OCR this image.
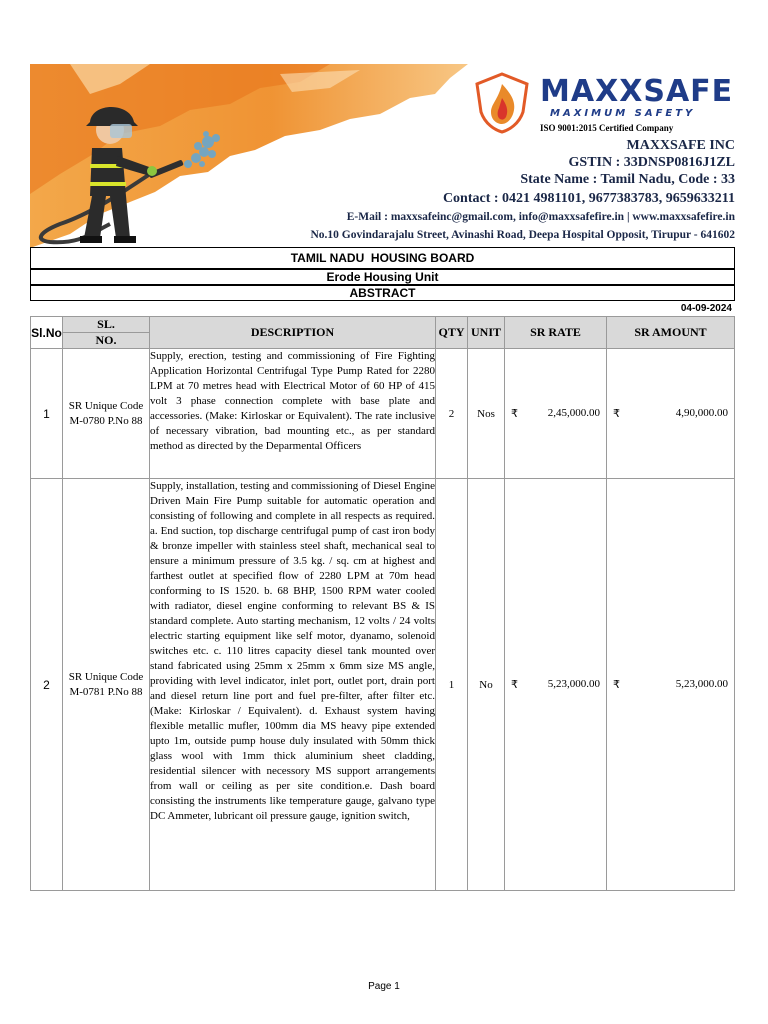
MAXXSAFE
MAXIMUM SAFETY
ISO 9001:2015 Certified Company
MAXXSAFE INC
GSTIN : 33DNSP0816J1ZL
State Name : Tamil Nadu, Code : 33
Contact : 0421 4981101, 9677383783, 9659633211
E-Mail : maxxsafeinc@gmail.com, info@maxxsafefire.in | www.maxxsafefire.in
No.10 Govindarajalu Street, Avinashi Road, Deepa Hospital Opposit, Tirupur - 641602
TAMIL NADU  HOUSING BOARD
Erode Housing Unit
ABSTRACT
04-09-2024
Sl.No	SL.	DESCRIPTION	QTY	UNIT	SR RATE	SR AMOUNT
	NO.					
1	SR Unique Code M-0780 P.No 88	Supply, erection, testing and commissioning of Fire Fighting Application Horizontal Centrifugal Type Pump Rated for 2280 LPM at 70 metres head with Electrical Motor of 60 HP of 415 volt 3 phase connection complete with base plate and accessories. (Make: Kirloskar or Equivalent). The rate inclusive of necessary vibration, bad mounting etc., as per standard method as directed by the Deparmental Officers	2	Nos	₹ 2,45,000.00	₹ 4,90,000.00

2	SR Unique Code M-0781 P.No 88	Supply, installation, testing and commissioning of Diesel Engine Driven Main Fire Pump suitable for automatic operation and consisting of following and complete in all respects as required. a. End suction, top discharge centrifugal pump of cast iron body & bronze impeller with stainless steel shaft, mechanical seal to ensure a minimum pressure of 3.5 kg. / sq. cm at highest and farthest outlet at specified flow of 2280 LPM at 70m head conforming to IS 1520. b. 68 BHP, 1500 RPM water cooled with radiator, diesel engine conforming to relevant BS & IS standard complete. Auto starting mechanism, 12 volts / 24 volts electric starting equipment like self motor, dyanamo, solenoid switches etc. c. 110 litres capacity diesel tank mounted over stand fabricated using 25mm x 25mm x 6mm size MS angle, providing with level indicator, inlet port, outlet port, drain port and diesel return line port and fuel pre-filter, after filter etc. (Make: Kirloskar / Equivalent). d. Exhaust system having flexible metallic mufler, 100mm dia MS heavy pipe extended upto 1m, outside pump house duly insulated with 50mm thick glass wool with 1mm thick aluminium sheet cladding, residential silencer with necessory MS support arrangements from wall or ceiling as per site condition.e. Dash board consisting the instruments like temperature gauge, galvano type DC Ammeter, lubricant oil pressure gauge, ignition switch,	1	No	₹ 5,23,000.00	₹ 5,23,000.00
Page 1
